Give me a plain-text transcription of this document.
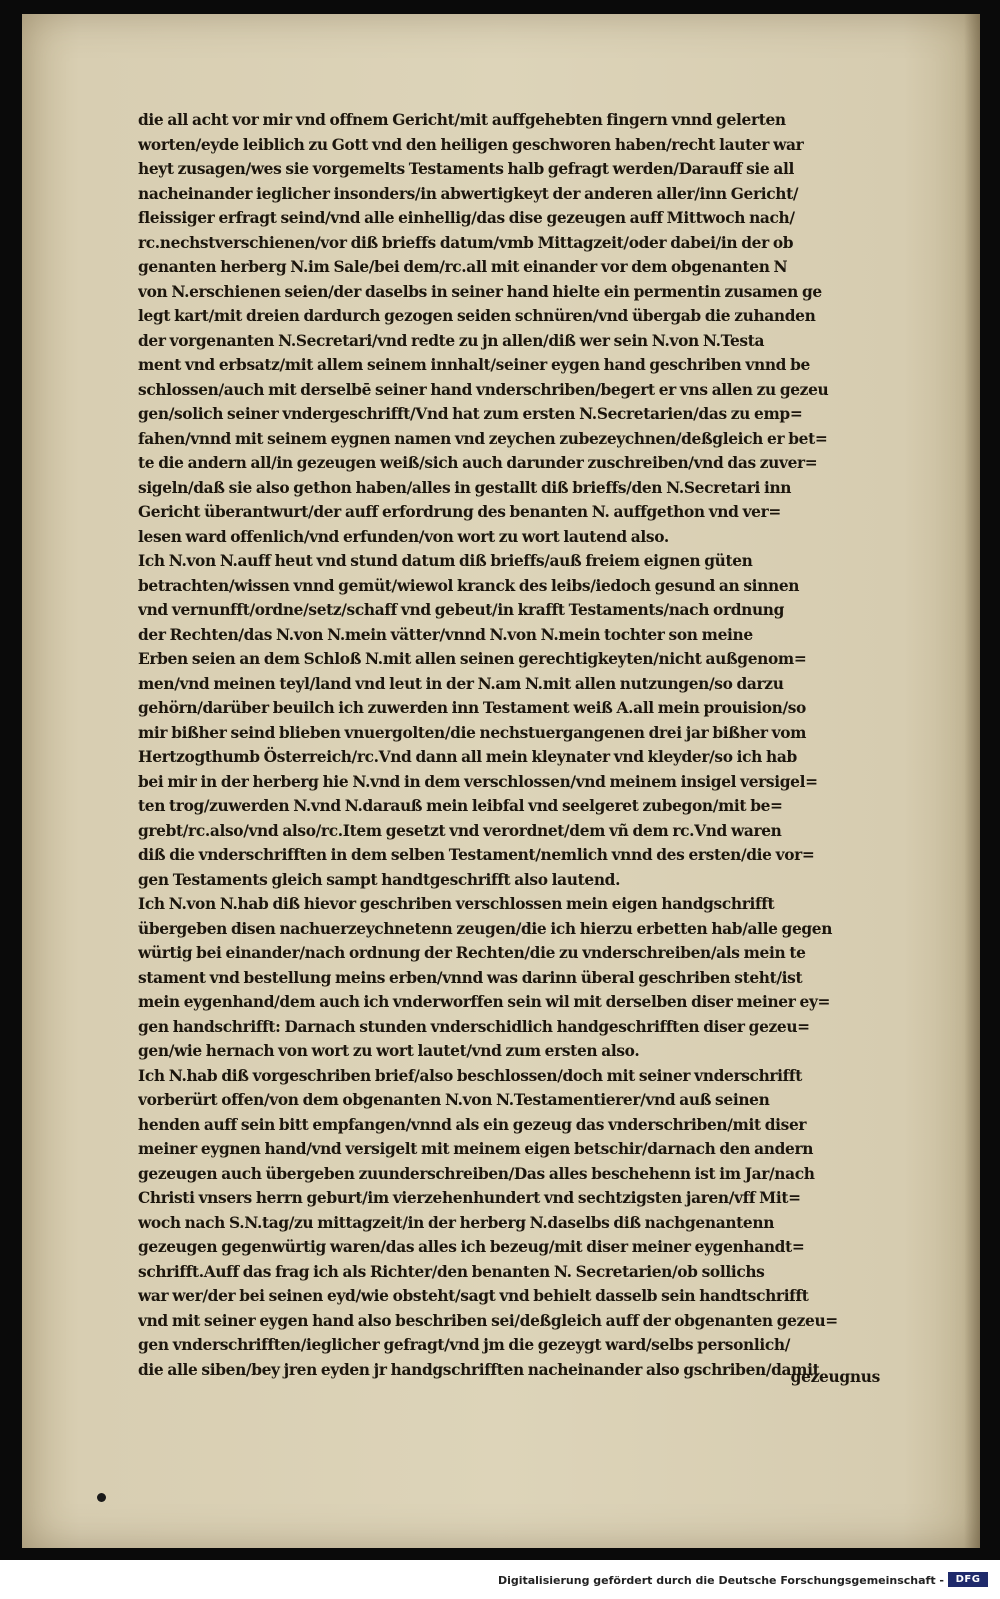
die all acht vor mir vnd offnem Gericht/mit auffgehebten fingern vnnd gelerten
worten/eyde leiblich zu Gott vnd den heiligen geschworen haben/recht lauter war
heyt zusagen/wes sie vorgemelts Testaments halb gefragt werden/Darauff sie all
nacheinander ieglicher insonders/in abwertigkeyt der anderen aller/inn Gericht/
fleissiger erfragt seind/vnd alle einhellig/das dise gezeugen auff Mittwoch nach/
rc.nechstverschienen/vor diß brieffs datum/vmb Mittagzeit/oder dabei/in der ob
genanten herberg N.im Sale/bei dem/rc.all mit einander vor dem obgenanten N
von N.erschienen seien/der daselbs in seiner hand hielte ein permentin zusamen ge
legt kart/mit dreien dardurch gezogen seiden schnüren/vnd übergab die zuhanden
der vorgenanten N.Secretari/vnd redte zu jn allen/diß wer sein N.von N.Testa
ment vnd erbsatz/mit allem seinem innhalt/seiner eygen hand geschriben vnnd be
schlossen/auch mit derselbē seiner hand vnderschriben/begert er vns allen zu gezeu
gen/solich seiner vndergeschrifft/Vnd hat zum ersten N.Secretarien/das zu emp=
fahen/vnnd mit seinem eygnen namen vnd zeychen zubezeychnen/deßgleich er bet=
te die andern all/in gezeugen weiß/sich auch darunder zuschreiben/vnd das zuver=
sigeln/daß sie also gethon haben/alles in gestallt diß brieffs/den N.Secretari inn
Gericht überantwurt/der auff erfordrung des benanten N. auffgethon vnd ver=
lesen ward offenlich/vnd erfunden/von wort zu wort lautend also.
Ich N.von N.auff heut vnd stund datum diß brieffs/auß freiem eignen güten
betrachten/wissen vnnd gemüt/wiewol kranck des leibs/iedoch gesund an sinnen
vnd vernunfft/ordne/setz/schaff vnd gebeut/in krafft Testaments/nach ordnung
der Rechten/das N.von N.mein vätter/vnnd N.von N.mein tochter son meine
Erben seien an dem Schloß N.mit allen seinen gerechtigkeyten/nicht außgenom=
men/vnd meinen teyl/land vnd leut in der N.am N.mit allen nutzungen/so darzu
gehörn/darüber beuilch ich zuwerden inn Testament weiß A.all mein prouision/so
mir bißher seind blieben vnuergolten/die nechstuergangenen drei jar bißher vom
Hertzogthumb Österreich/rc.Vnd dann all mein kleynater vnd kleyder/so ich hab
bei mir in der herberg hie N.vnd in dem verschlossen/vnd meinem insigel versigel=
ten trog/zuwerden N.vnd N.darauß mein leibfal vnd seelgeret zubegon/mit be=
grebt/rc.also/vnd also/rc.Item gesetzt vnd verordnet/dem vñ dem rc.Vnd waren
diß die vnderschrifften in dem selben Testament/nemlich vnnd des ersten/die vor=
gen Testaments gleich sampt handtgeschrifft also lautend.
Ich N.von N.hab diß hievor geschriben verschlossen mein eigen handgschrifft
übergeben disen nachuerzeychnetenn zeugen/die ich hierzu erbetten hab/alle gegen
würtig bei einander/nach ordnung der Rechten/die zu vnderschreiben/als mein te
stament vnd bestellung meins erben/vnnd was darinn überal geschriben steht/ist
mein eygenhand/dem auch ich vnderworffen sein wil mit derselben diser meiner ey=
gen handschrifft: Darnach stunden vnderschidlich handgeschrifften diser gezeu=
gen/wie hernach von wort zu wort lautet/vnd zum ersten also.
Ich N.hab diß vorgeschriben brief/also beschlossen/doch mit seiner vnderschrifft
vorberürt offen/von dem obgenanten N.von N.Testamentierer/vnd auß seinen
henden auff sein bitt empfangen/vnnd als ein gezeug das vnderschriben/mit diser
meiner eygnen hand/vnd versigelt mit meinem eigen betschir/darnach den andern
gezeugen auch übergeben zuunderschreiben/Das alles beschehenn ist im Jar/nach
Christi vnsers herrn geburt/im vierzehenhundert vnd sechtzigsten jaren/vff Mit=
woch nach S.N.tag/zu mittagzeit/in der herberg N.daselbs diß nachgenantenn
gezeugen gegenwürtig waren/das alles ich bezeug/mit diser meiner eygenhandt=
schrifft.Auff das frag ich als Richter/den benanten N. Secretarien/ob sollichs
war wer/der bei seinen eyd/wie obsteht/sagt vnd behielt dasselb sein handtschrifft
vnd mit seiner eygen hand also beschriben sei/deßgleich auff der obgenanten gezeu=
gen vnderschrifften/ieglicher gefragt/vnd jm die gezeygt ward/selbs personlich/
die alle siben/bey jren eyden jr handgschrifften nacheinander also gschriben/damit
gezeugnus
Digitalisierung gefördert durch die Deutsche Forschungsgemeinschaft -	DFG
